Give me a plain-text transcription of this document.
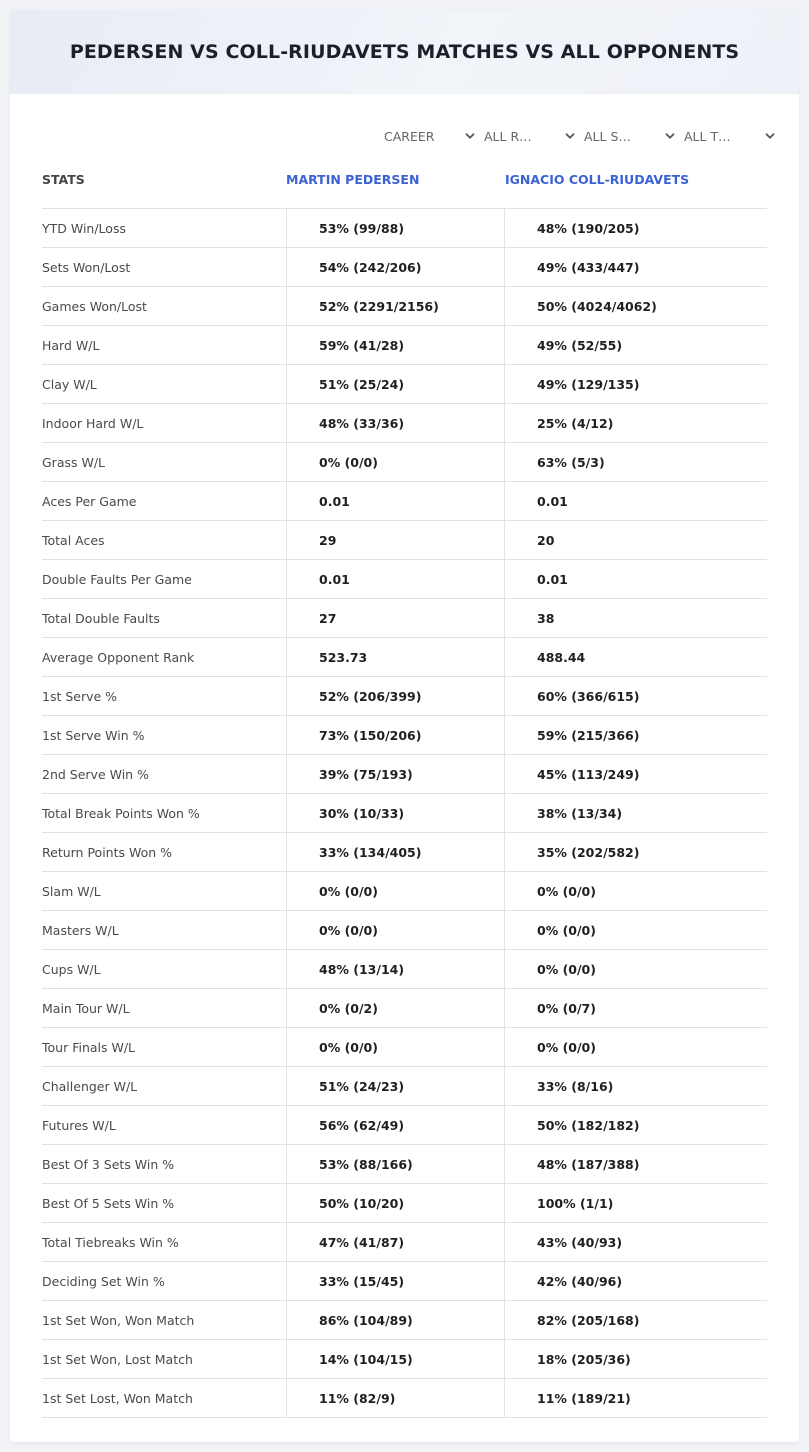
PEDERSEN VS COLL-RIUDAVETS MATCHES VS ALL OPPONENTS
CAREER	ALL R…	ALL S…	ALL T…
STATS	MARTIN PEDERSEN	IGNACIO COLL-RIUDAVETS
YTD Win/Loss	53% (99/88)	48% (190/205)
Sets Won/Lost	54% (242/206)	49% (433/447)
Games Won/Lost	52% (2291/2156)	50% (4024/4062)
Hard W/L	59% (41/28)	49% (52/55)
Clay W/L	51% (25/24)	49% (129/135)
Indoor Hard W/L	48% (33/36)	25% (4/12)
Grass W/L	0% (0/0)	63% (5/3)
Aces Per Game	0.01	0.01
Total Aces	29	20
Double Faults Per Game	0.01	0.01
Total Double Faults	27	38
Average Opponent Rank	523.73	488.44
1st Serve %	52% (206/399)	60% (366/615)
1st Serve Win %	73% (150/206)	59% (215/366)
2nd Serve Win %	39% (75/193)	45% (113/249)
Total Break Points Won %	30% (10/33)	38% (13/34)
Return Points Won %	33% (134/405)	35% (202/582)
Slam W/L	0% (0/0)	0% (0/0)
Masters W/L	0% (0/0)	0% (0/0)
Cups W/L	48% (13/14)	0% (0/0)
Main Tour W/L	0% (0/2)	0% (0/7)
Tour Finals W/L	0% (0/0)	0% (0/0)
Challenger W/L	51% (24/23)	33% (8/16)
Futures W/L	56% (62/49)	50% (182/182)
Best Of 3 Sets Win %	53% (88/166)	48% (187/388)
Best Of 5 Sets Win %	50% (10/20)	100% (1/1)
Total Tiebreaks Win %	47% (41/87)	43% (40/93)
Deciding Set Win %	33% (15/45)	42% (40/96)
1st Set Won, Won Match	86% (104/89)	82% (205/168)
1st Set Won, Lost Match	14% (104/15)	18% (205/36)
1st Set Lost, Won Match	11% (82/9)	11% (189/21)
